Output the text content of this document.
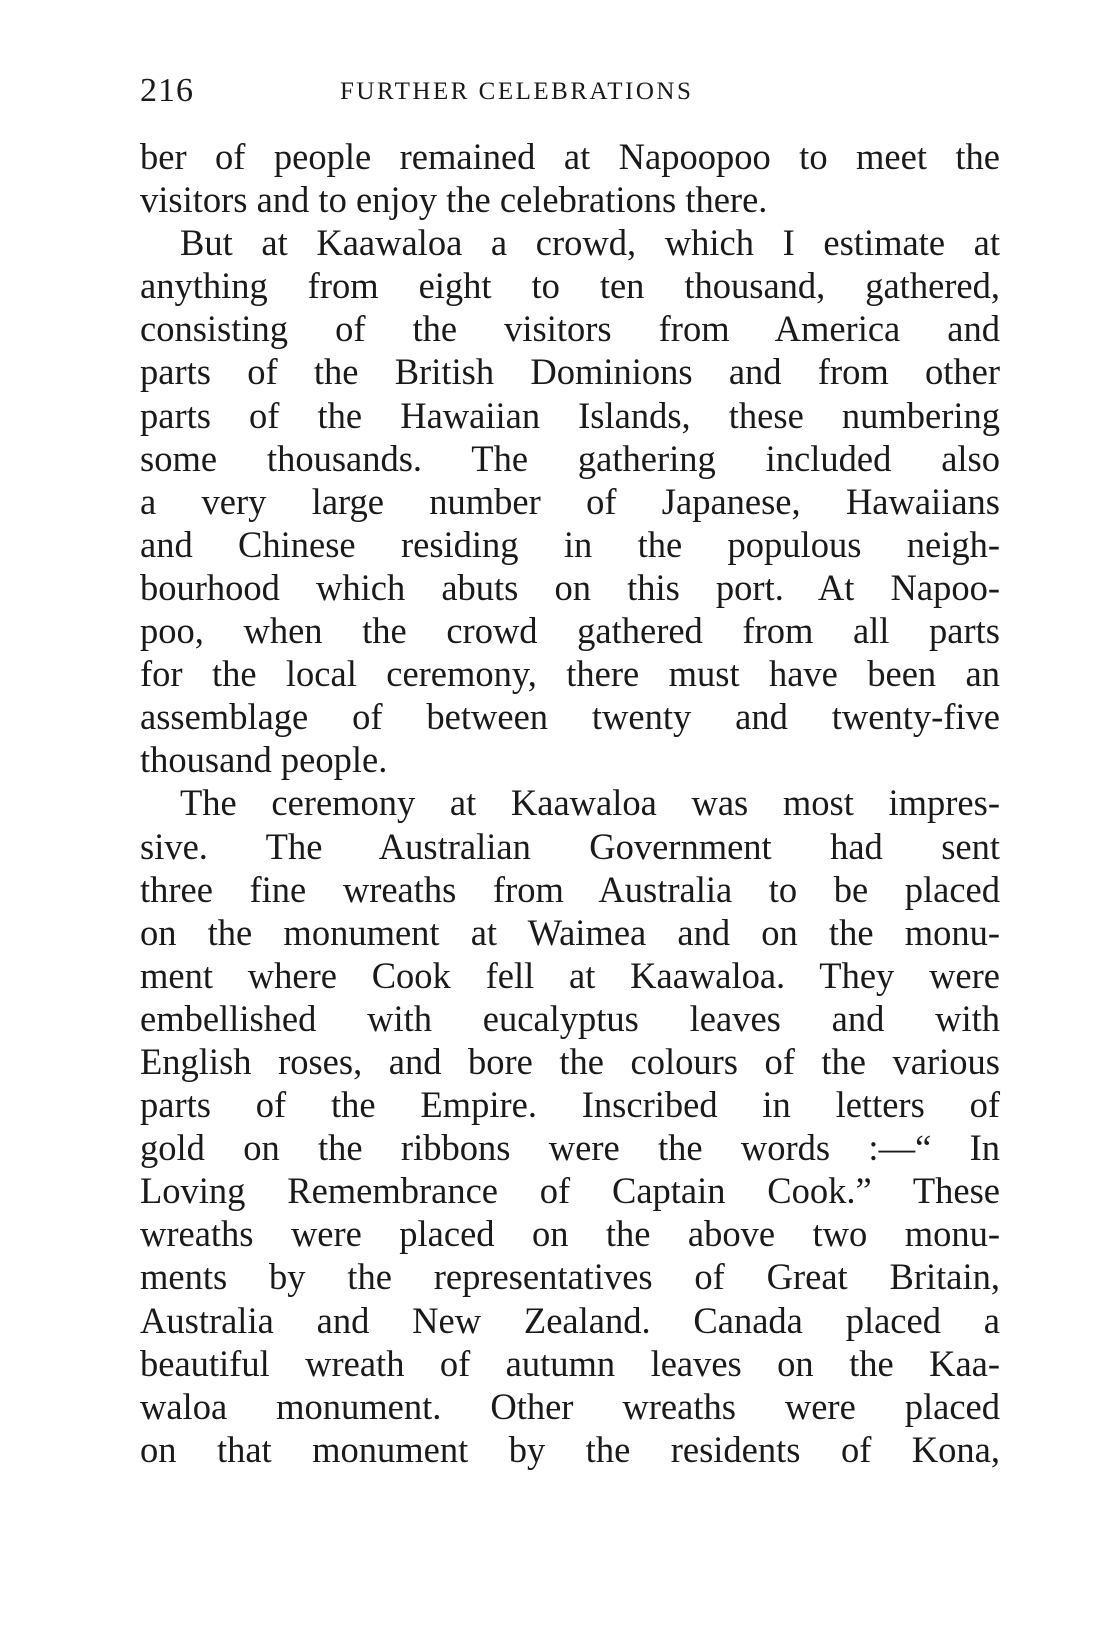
216	FURTHER CELEBRATIONS
ber of people remained at Napoopoo to meet the
visitors and to enjoy the celebrations there.
But at Kaawaloa a crowd, which I estimate at
anything from eight to ten thousand, gathered,
consisting of the visitors from America and
parts of the British Dominions and from other
parts of the Hawaiian Islands, these numbering
some thousands. The gathering included also
a very large number of Japanese, Hawaiians
and Chinese residing in the populous neigh-
bourhood which abuts on this port. At Napoo-
poo, when the crowd gathered from all parts
for the local ceremony, there must have been an
assemblage of between twenty and twenty-five
thousand people.
The ceremony at Kaawaloa was most impres-
sive. The Australian Government had sent
three fine wreaths from Australia to be placed
on the monument at Waimea and on the monu-
ment where Cook fell at Kaawaloa. They were
embellished with eucalyptus leaves and with
English roses, and bore the colours of the various
parts of the Empire. Inscribed in letters of
gold on the ribbons were the words :—“ In
Loving Remembrance of Captain Cook.” These
wreaths were placed on the above two monu-
ments by the representatives of Great Britain,
Australia and New Zealand. Canada placed a
beautiful wreath of autumn leaves on the Kaa-
waloa monument. Other wreaths were placed
on that monument by the residents of Kona,
